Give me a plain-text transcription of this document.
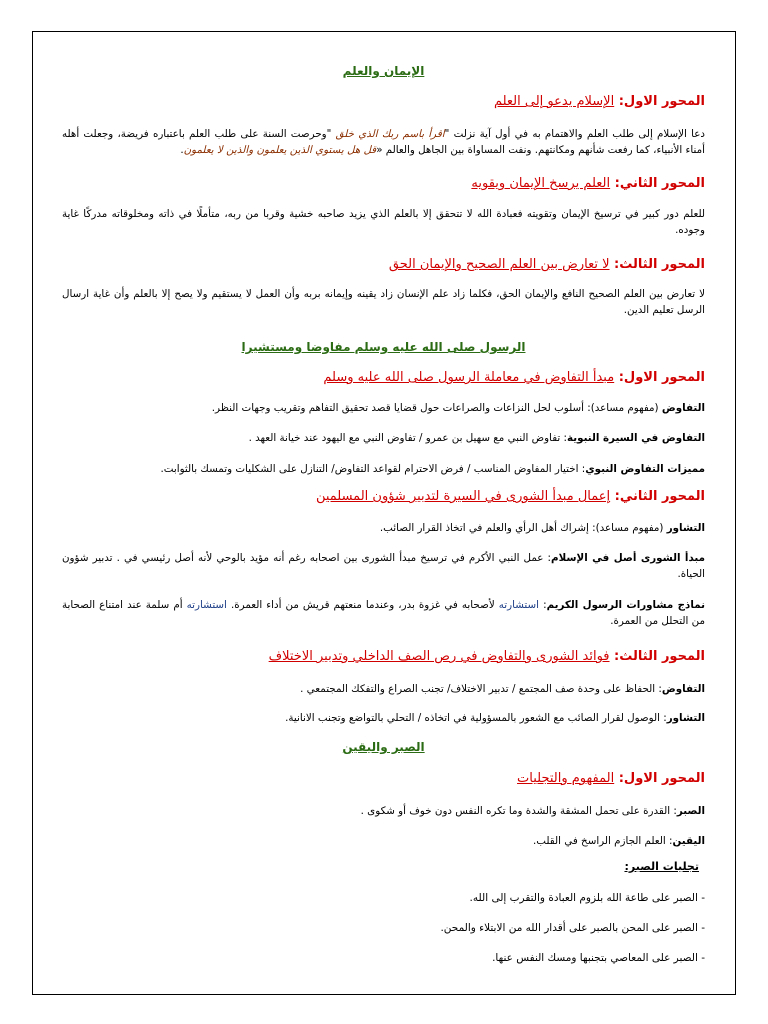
الإيمان والعلم

المحور الاول: الإسلام يدعو إلى العلم

دعا الإسلام إلى طلب العلم والاهتمام به في أول آية نزلت "اقرأ باسم ربك الذي خلق "وحرصت السنة على طلب العلم باعتباره فريضة، وجعلت أهله أمناء الأنبياء، كما رفعت شأنهم ومكانتهم. ونفت المساواة بين الجاهل والعالم «قل هل يستوي الذين يعلمون والذين لا يعلمون.

المحور الثاني: العلم يرسخ الإيمان ويقويه

للعلم دور كبير في ترسيخ الإيمان وتقويته فعبادة الله لا تتحقق إلا بالعلم الذي يزيد صاحبه خشية وقربا من ربه، متأملًا في ذاته ومخلوقاته مدركًا غاية وجوده.

المحور الثالث: لا تعارض بين العلم الصحيح والإيمان الحق

لا تعارض بين العلم الصحيح النافع والإيمان الحق، فكلما زاد علم الإنسان زاد يقينه وإيمانه بربه وأن العمل لا يستقيم ولا يصح إلا بالعلم وأن غاية ارسال الرسل تعليم الدين.

الرسول صلى الله عليه وسلم مفاوضا ومستشيرا

المحور الاول: مبدأ التفاوض في معاملة الرسول صلى الله عليه وسلم

التفاوض (مفهوم مساعد): أسلوب لحل النزاعات والصراعات حول قضايا قصد تحقيق التفاهم وتقريب وجهات النظر.

التفاوض في السيرة النبوية: تفاوض النبي مع سهيل بن عمرو / تفاوض النبي مع اليهود عند خيانة العهد .

مميزات التفاوض النبوي: اختيار المفاوض المناسب / فرض الاحترام لقواعد التفاوض/ التنازل على الشكليات وتمسك بالثوابت.

المحور الثاني: إعمال مبدأ الشورى في السيرة لتدبير شؤون المسلمين

التشاور (مفهوم مساعد): إشراك أهل الرأي والعلم في اتخاذ القرار الصائب.

مبدأ الشورى أصل في الإسلام: عمل النبي الأكرم في ترسيخ مبدأ الشورى بين اصحابه رغم أنه مؤيد بالوحي لأنه أصل رئيسي في . تدبير شؤون الحياة.

نماذج مشاورات الرسول الكريم: استشارته لأصحابه في غزوة بدر، وعندما منعتهم قريش من أداء العمرة. استشارته أم سلمة عند امتناع الصحابة من التحلل من العمرة.

المحور الثالث: فوائد الشورى والتفاوض في رص الصف الداخلي وتدبير الاختلاف

التفاوض: الحفاظ على وحدة صف المجتمع / تدبير الاختلاف/ تجنب الصراع والتفكك المجتمعي .

التشاور: الوصول لقرار الصائب مع الشعور بالمسؤولية في اتخاذه / التحلي بالتواضع وتجنب الانانية.

الصبر واليقين

المحور الاول: المفهوم والتجليات

الصبر: القدرة على تحمل المشقة والشدة وما تكره النفس دون خوف أو شكوى .

اليقين: العلم الجازم الراسخ في القلب.

تجليات الصبر:

- الصبر على طاعة الله بلزوم العبادة والتقرب إلى الله.

- الصبر على المحن بالصبر على أقدار الله من الابتلاء والمحن.

- الصبر على المعاصي بتجنبها ومسك النفس عنها.
